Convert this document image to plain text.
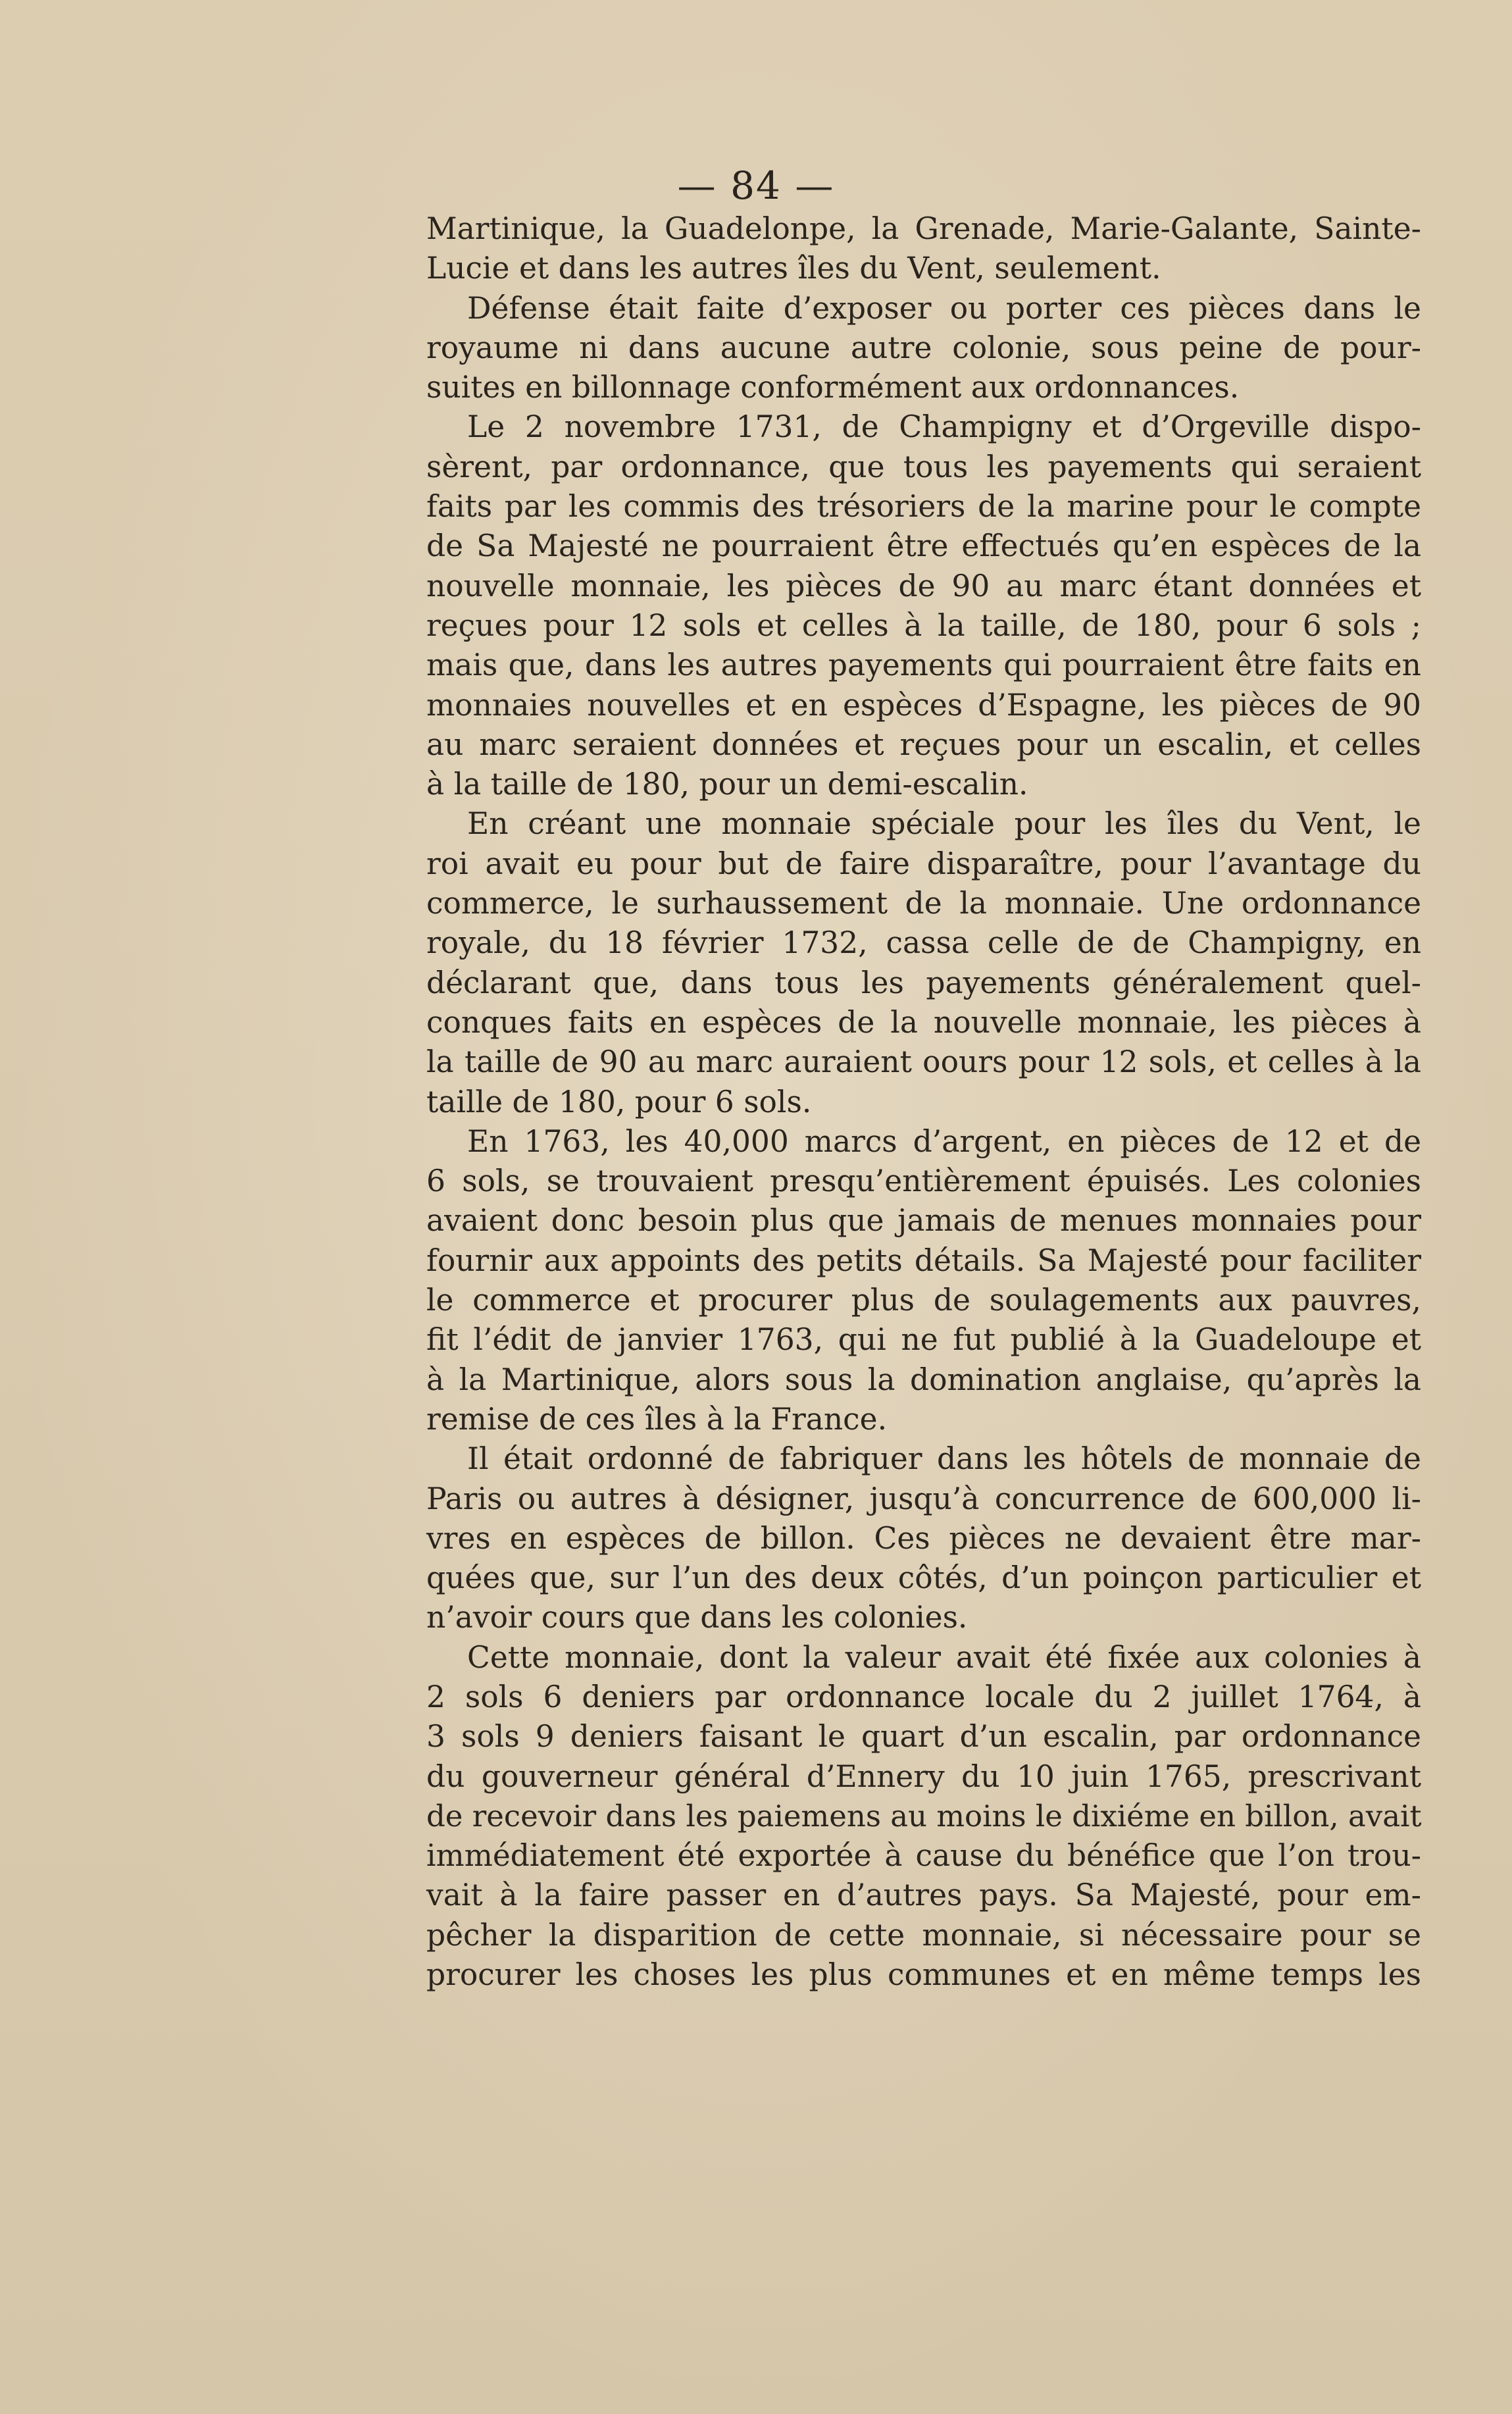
— 84 —
Martinique, la Guadelonpe, la Grenade, Marie-Galante, Sainte-
Lucie et dans les autres îles du Vent, seulement.
Défense était faite d’exposer ou porter ces pièces dans le
royaume ni dans aucune autre colonie, sous peine de pour-
suites en billonnage conformément aux ordonnances.
Le 2 novembre 1731, de Champigny et d’Orgeville dispo-
sèrent, par ordonnance, que tous les payements qui seraient
faits par les commis des trésoriers de la marine pour le compte
de Sa Majesté ne pourraient être effectués qu’en espèces de la
nouvelle monnaie, les pièces de 90 au marc étant données et
reçues pour 12 sols et celles à la taille, de 180, pour 6 sols ;
mais que, dans les autres payements qui pourraient être faits en
monnaies nouvelles et en espèces d’Espagne, les pièces de 90
au marc seraient données et reçues pour un escalin, et celles
à la taille de 180, pour un demi-escalin.
En créant une monnaie spéciale pour les îles du Vent, le
roi avait eu pour but de faire disparaître, pour l’avantage du
commerce, le surhaussement de la monnaie. Une ordonnance
royale, du 18 février 1732, cassa celle de de Champigny, en
déclarant que, dans tous les payements généralement quel-
conques faits en espèces de la nouvelle monnaie, les pièces à
la taille de 90 au marc auraient oours pour 12 sols, et celles à la
taille de 180, pour 6 sols.
En 1763, les 40,000 marcs d’argent, en pièces de 12 et de
6 sols, se trouvaient presqu’entièrement épuisés. Les colonies
avaient donc besoin plus que jamais de menues monnaies pour
fournir aux appoints des petits détails. Sa Majesté pour faciliter
le commerce et procurer plus de soulagements aux pauvres,
fit l’édit de janvier 1763, qui ne fut publié à la Guadeloupe et
à la Martinique, alors sous la domination anglaise, qu’après la
remise de ces îles à la France.
Il était ordonné de fabriquer dans les hôtels de monnaie de
Paris ou autres à désigner, jusqu’à concurrence de 600,000 li-
vres en espèces de billon. Ces pièces ne devaient être mar-
quées que, sur l’un des deux côtés, d’un poinçon particulier et
n’avoir cours que dans les colonies.
Cette monnaie, dont la valeur avait été fixée aux colonies à
2 sols 6 deniers par ordonnance locale du 2 juillet 1764, à
3 sols 9 deniers faisant le quart d’un escalin, par ordonnance
du gouverneur général d’Ennery du 10 juin 1765, prescrivant
de recevoir dans les paiemens au moins le dixiéme en billon, avait
immédiatement été exportée à cause du bénéfice que l’on trou-
vait à la faire passer en d’autres pays. Sa Majesté, pour em-
pêcher la disparition de cette monnaie, si nécessaire pour se
procurer les choses les plus communes et en même temps les
